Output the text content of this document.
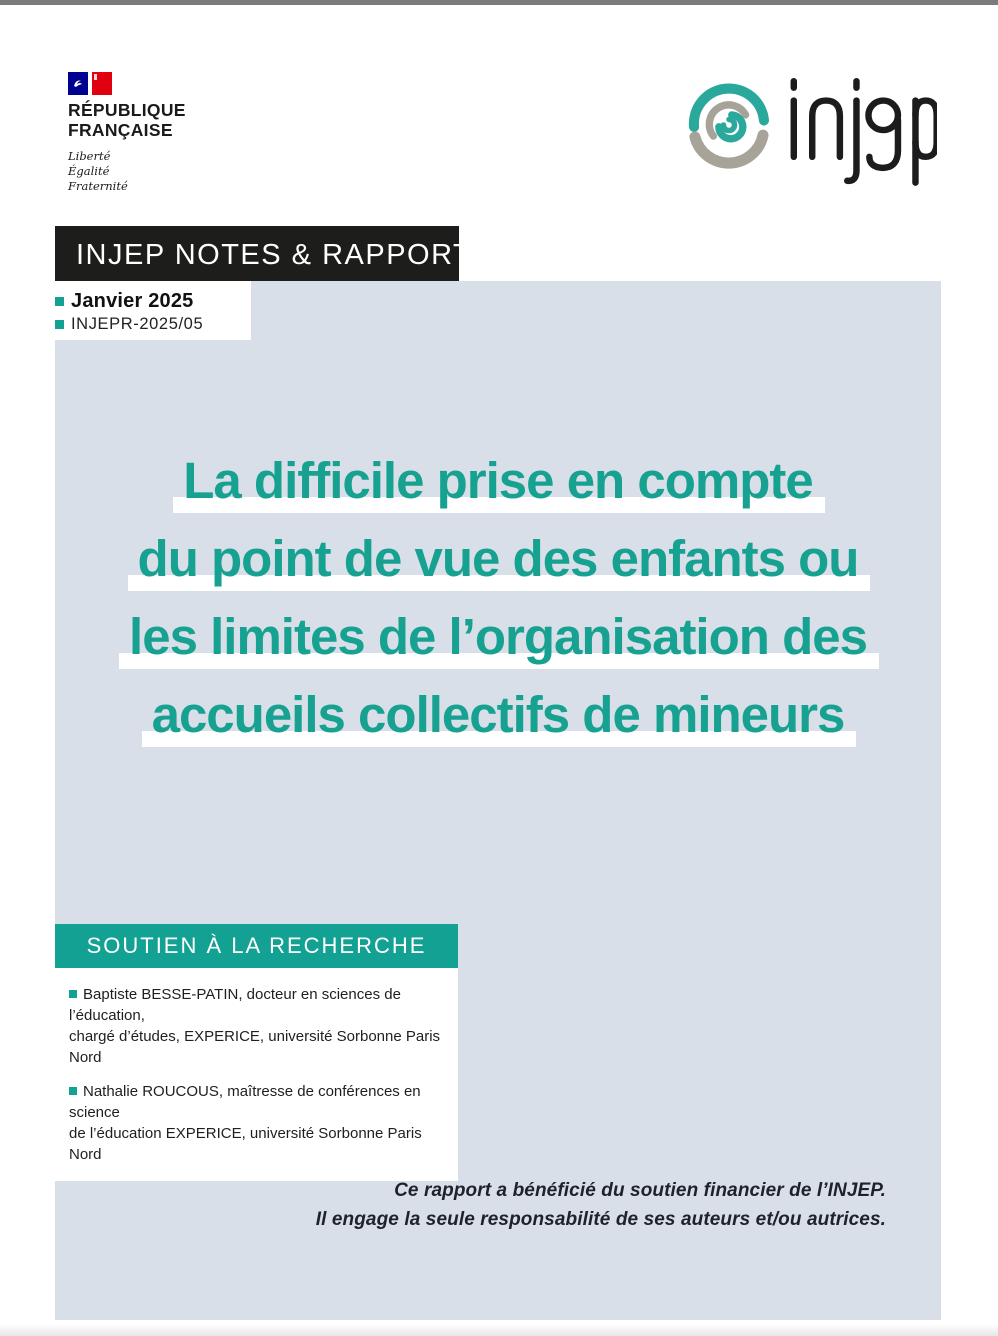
RÉPUBLIQUE
FRANÇAISE
Liberté
Égalité
Fraternité
INJEP NOTES & RAPPORTS
Janvier 2025
INJEPR-2025/05
La difficile prise en compte
du point de vue des enfants ou
les limites de l’organisation des
accueils collectifs de mineurs
SOUTIEN À LA RECHERCHE
Baptiste BESSE-PATIN, docteur en sciences de l’éducation,
chargé d’études, EXPERICE, université Sorbonne Paris Nord
Nathalie ROUCOUS, maîtresse de conférences en science
de l’éducation EXPERICE, université Sorbonne Paris Nord
Ce rapport a bénéficié du soutien financier de l’INJEP.
Il engage la seule responsabilité de ses auteurs et/ou autrices.
